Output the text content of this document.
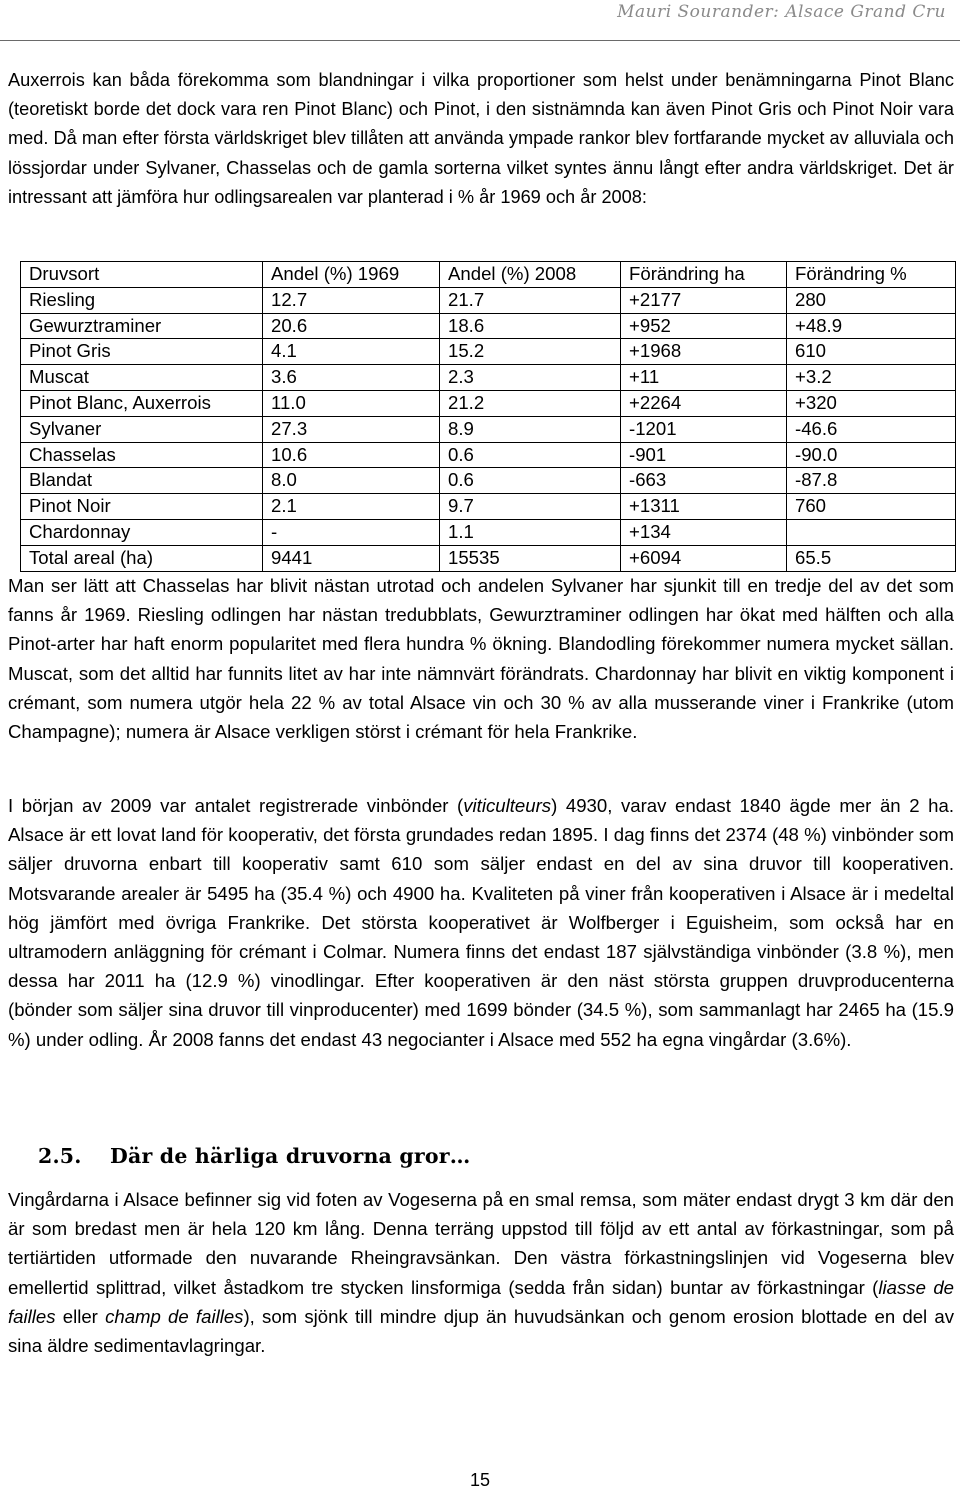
Mauri Sourander: Alsace Grand Cru

Auxerrois kan båda förekomma som blandningar i vilka proportioner som helst under benämningarna Pinot Blanc (teoretiskt borde det dock vara ren Pinot Blanc) och Pinot, i den sistnämnda kan även Pinot Gris och Pinot Noir vara med. Då man efter första världskriget blev tillåten att använda ympade rankor blev fortfarande mycket av alluviala och lössjordar under Sylvaner, Chasselas och de gamla sorterna vilket syntes ännu långt efter andra världskriget. Det är intressant att jämföra hur odlingsarealen var planterad i % år 1969 och år 2008:

Druvsort	Andel (%) 1969	Andel (%) 2008	Förändring ha	Förändring %
Riesling	12.7	21.7	+2177	280
Gewurztraminer	20.6	18.6	+952	+48.9
Pinot Gris	4.1	15.2	+1968	610
Muscat	3.6	2.3	+11	+3.2
Pinot Blanc, Auxerrois	11.0	21.2	+2264	+320
Sylvaner	27.3	8.9	-1201	-46.6
Chasselas	10.6	0.6	-901	-90.0
Blandat	8.0	0.6	-663	-87.8
Pinot Noir	2.1	9.7	+1311	760
Chardonnay	-	1.1	+134	
Total areal (ha)	9441	15535	+6094	65.5

Man ser lätt att Chasselas har blivit nästan utrotad och andelen Sylvaner har sjunkit till en tredje del av det som fanns år 1969. Riesling odlingen har nästan tredubblats, Gewurztraminer odlingen har ökat med hälften och alla Pinot-arter har haft enorm popularitet med flera hundra % ökning. Blandodling förekommer numera mycket sällan. Muscat, som det alltid har funnits litet av har inte nämnvärt förändrats. Chardonnay har blivit en viktig komponent i crémant, som numera utgör hela 22 % av total Alsace vin och 30 % av alla musserande viner i Frankrike (utom Champagne); numera är Alsace verkligen störst i crémant för hela Frankrike.

I början av 2009 var antalet registrerade vinbönder (viticulteurs) 4930, varav endast 1840 ägde mer än 2 ha. Alsace är ett lovat land för kooperativ, det första grundades redan 1895. I dag finns det 2374 (48 %) vinbönder som säljer druvorna enbart till kooperativ samt 610 som säljer endast en del av sina druvor till kooperativen. Motsvarande arealer är 5495 ha (35.4 %) och 4900 ha. Kvaliteten på viner från kooperativen i Alsace är i medeltal hög jämfört med övriga Frankrike. Det största kooperativet är Wolfberger i Eguisheim, som också har en ultramodern anläggning för crémant i Colmar. Numera finns det endast 187 självständiga vinbönder (3.8 %), men dessa har 2011 ha (12.9 %) vinodlingar. Efter kooperativen är den näst största gruppen druvproducenterna (bönder som säljer sina druvor till vinproducenter) med 1699 bönder (34.5 %), som sammanlagt har 2465 ha (15.9 %) under odling. År 2008 fanns det endast 43 negocianter i Alsace med 552 ha egna vingårdar (3.6%).

2.5. Där de härliga druvorna gror…

Vingårdarna i Alsace befinner sig vid foten av Vogeserna på en smal remsa, som mäter endast drygt 3 km där den är som bredast men är hela 120 km lång. Denna terräng uppstod till följd av ett antal av förkastningar, som på tertiärtiden utformade den nuvarande Rheingravsänkan. Den västra förkastningslinjen vid Vogeserna blev emellertid splittrad, vilket åstadkom tre stycken linsformiga (sedda från sidan) buntar av förkastningar (liasse de failles eller champ de failles), som sjönk till mindre djup än huvudsänkan och genom erosion blottade en del av sina äldre sedimentavlagringar.

15
